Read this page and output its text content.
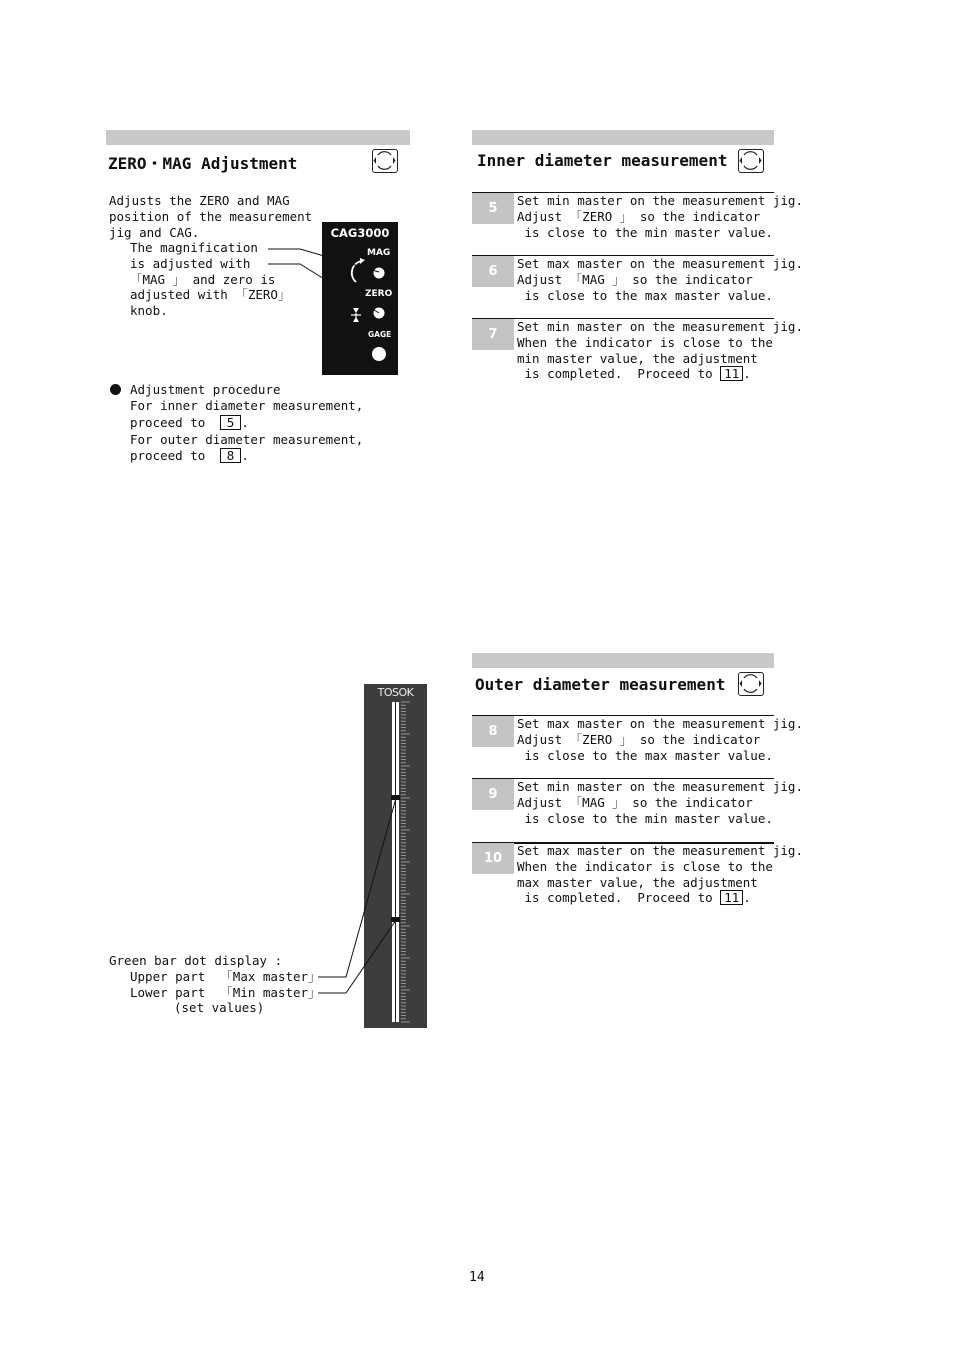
ZERO・MAG Adjustment
Adjusts the ZERO and MAG
position of the measurement
jig and CAG.
The magnification
is adjusted with
「MAG 」 and zero is
adjusted with 「ZERO」
knob.
CAG3000
MAG
ZERO
GAGE
Adjustment procedure
For inner diameter measurement,
proceed to 5 .
For outer diameter measurement,
proceed to 8 .
Inner diameter measurement
5
Set min master on the measurement jig.
Adjust 「ZERO 」 so the indicator
is close to the min master value.
6
Set max master on the measurement jig.
Adjust 「MAG 」 so the indicator
is close to the max master value.
7
Set min master on the measurement jig.
When the indicator is close to the
min master value, the adjustment
is completed.  Proceed to 11 .
TOSOK
Green bar dot display :
Upper part  「Max master」
Lower part  「Min master」
(set values)
Outer diameter measurement
8
Set max master on the measurement jig.
Adjust 「ZERO 」 so the indicator
is close to the max master value.
9
Set min master on the measurement jig.
Adjust 「MAG 」 so the indicator
is close to the min master value.
10
Set max master on the measurement jig.
When the indicator is close to the
max master value, the adjustment
is completed.  Proceed to 11 .
14
